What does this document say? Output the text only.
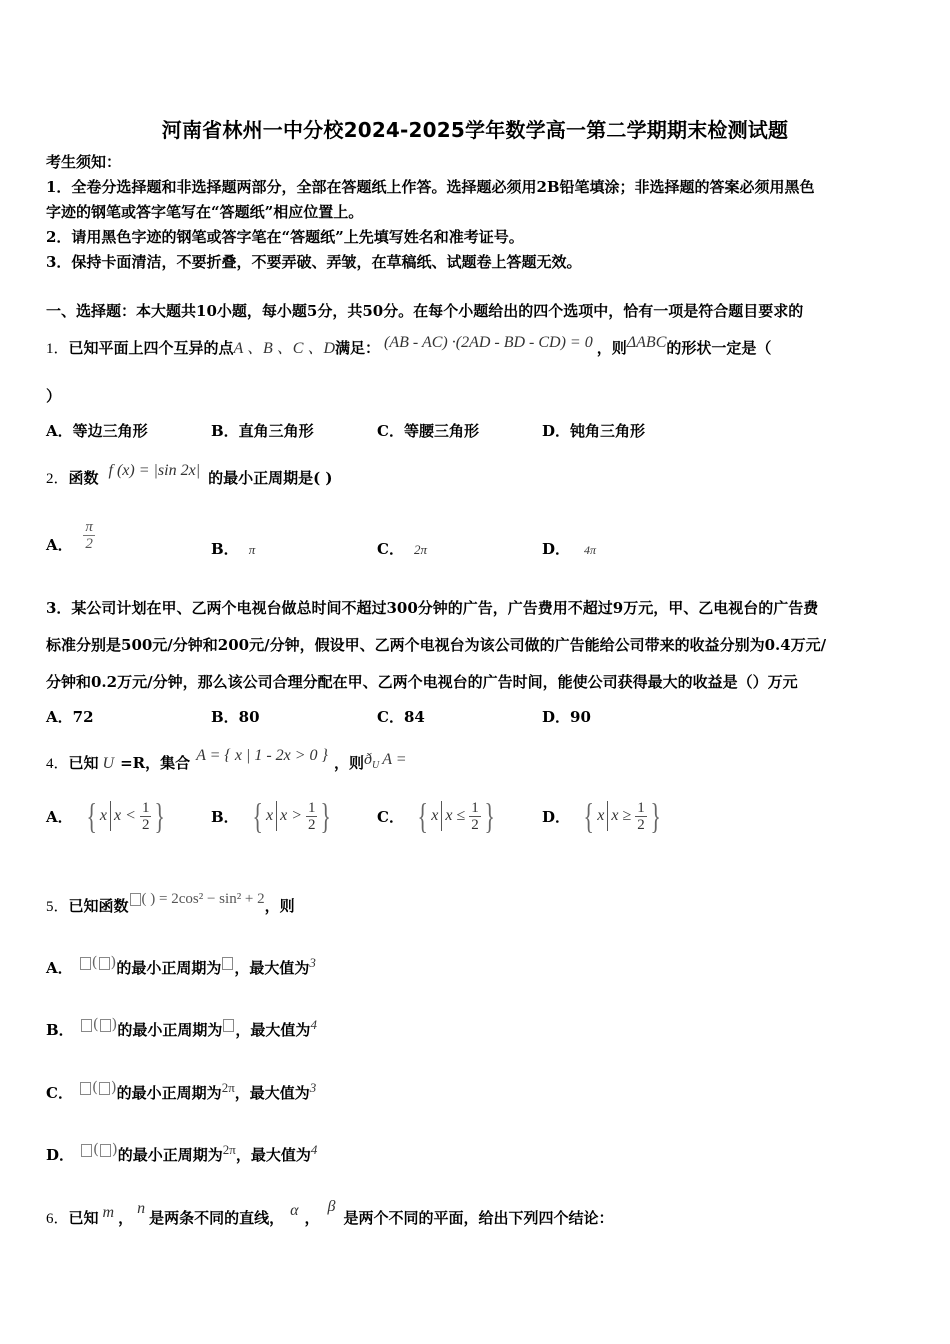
河南省林州一中分校2024-2025学年数学高一第二学期期末检测试题
考生须知：
1．全卷分选择题和非选择题两部分，全部在答题纸上作答。选择题必须用2B铅笔填涂；非选择题的答案必须用黑色
字迹的钢笔或答字笔写在“答题纸”相应位置上。
2．请用黑色字迹的钢笔或答字笔在“答题纸”上先填写姓名和准考证号。
3．保持卡面清洁，不要折叠，不要弄破、弄皱，在草稿纸、试题卷上答题无效。
一、选择题：本大题共10小题，每小题5分，共50分。在每个小题给出的四个选项中，恰有一项是符合题目要求的
1．已知平面上四个互异的点A 、B 、C 、D满足： (AB - AC) ·(2AD - BD - CD) = 0 ，则ΔABC的形状一定是（
）
A．等边三角形	B．直角三角形	C．等腰三角形	D．钝角三角形
2．函数 f (x) = |sin 2x| 的最小正周期是( )
A． $\frac{\pi}{2}$	B． π	C． 2π	D． 4π
3．某公司计划在甲、乙两个电视台做总时间不超过300分钟的广告，广告费用不超过9万元，甲、乙电视台的广告费
标准分别是500元/分钟和200元/分钟，假设甲、乙两个电视台为该公司做的广告能给公司带来的收益分别为0.4万元/
分钟和0.2万元/分钟，那么该公司合理分配在甲、乙两个电视台的广告时间，能使公司获得最大的收益是（）万元
A．72	B．80	C．84	D．90
4．已知 U =R，集合 A = { x | 1 - 2x > 0 } ，则ðU A =
A． { x x
<
$\frac{1}{2}$ }	B． { x x
>
$\frac{1}{2}$ }	C． { x x
≤
$\frac{1}{2}$ }	D． { x x
≥
$\frac{1}{2}$ }
5．已知函数 ( ) = 2cos² − sin² + 2，则
A． ( )的最小正周期为 ，最大值为3
B． ( )的最小正周期为 ，最大值为4
C． ( )的最小正周期为2π，最大值为3
D． ( )的最小正周期为2π，最大值为4
6．已知 m ，n是两条不同的直线， α ，β是两个不同的平面，给出下列四个结论：
